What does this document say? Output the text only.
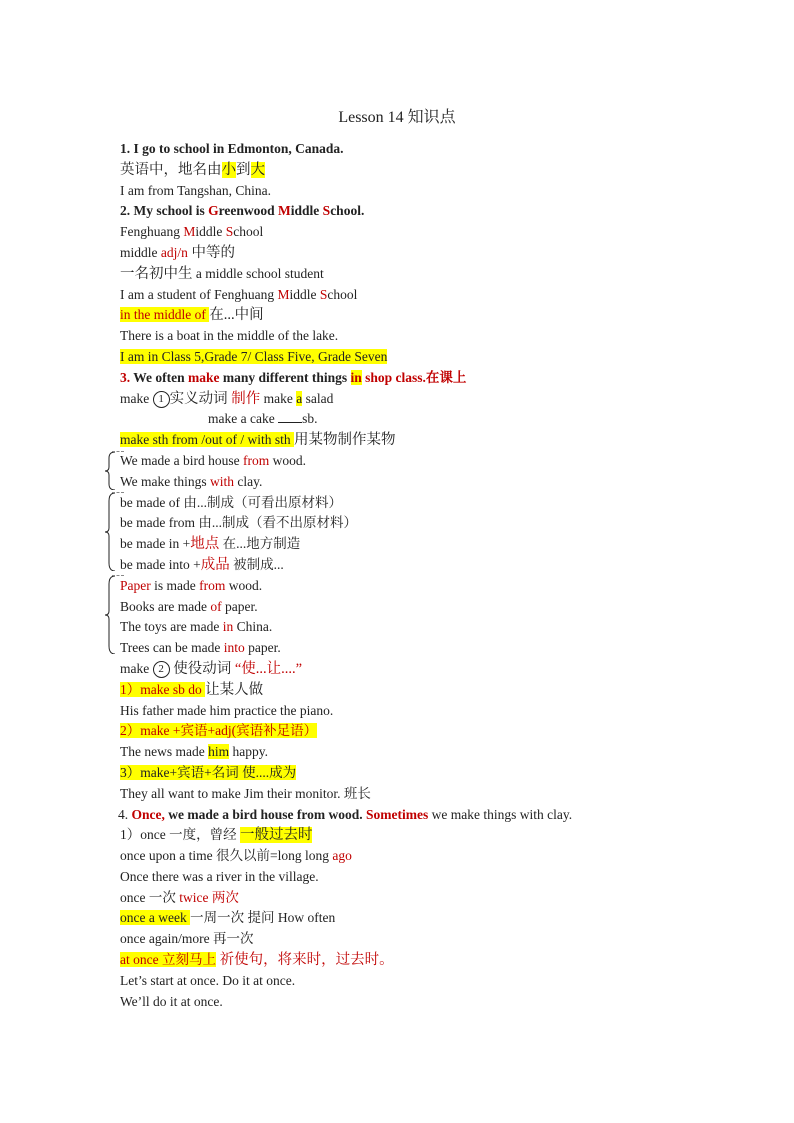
Lesson 14 知识点
1. I go to school in Edmonton, Canada.
英语中，地名由小到大
I am from Tangshan, China.
2. My school is Greenwood Middle School.
Fenghuang Middle School
middle adj/n 中等的
一名初中生 a middle school student
I am a student of Fenghuang Middle School
in the middle of 在...中间
There is a boat in the middle of the lake.
I am in Class 5,Grade 7/ Class Five, Grade Seven
3. We often make many different things in shop class.在课上
make 1 实义动词 制作 make a salad
make a cake sb.
make sth from /out of / with sth 用某物制作某物
We made a bird house from wood.
We make things with clay.
be made of 由...制成（可看出原材料）
be made from 由...制成（看不出原材料）
be made in +地点 在...地方制造
be made into +成品 被制成...
Paper is made from wood.
Books are made of paper.
The toys are made in China.
Trees can be made into paper.
make 2 使役动词 “使...让....”
1）make sb do 让某人做
His father made him practice the piano.
2）make +宾语+adj(宾语补足语）
The news made him happy.
3）make+宾语+名词 使....成为
They all want to make Jim their monitor. 班长
4. Once, we made a bird house from wood. Sometimes we make things with clay.
1）once 一度，曾经 一般过去时
once upon a time 很久以前=long long ago
Once there was a river in the village.
once 一次 twice 两次
once a week 一周一次 提问 How often
once again/more 再一次
at once 立刻马上 祈使句，将来时，过去时。
Let’s start at once. Do it at once.
We’ll do it at once.
